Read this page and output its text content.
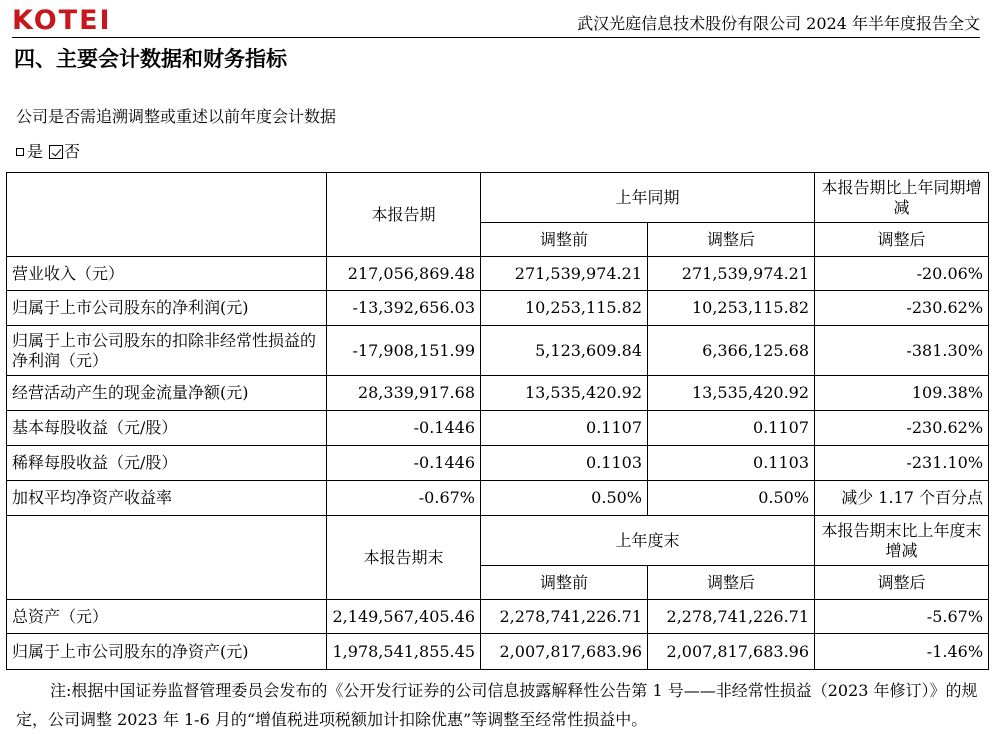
KOTEI	武汉光庭信息技术股份有限公司 2024 年半年度报告全文
四、主要会计数据和财务指标
公司是否需追溯调整或重述以前年度会计数据
是 否
	本报告期	上年同期		本报告期比上年同期增减
		调整前	调整后	调整后
营业收入（元）	217,056,869.48	271,539,974.21	271,539,974.21	-20.06%
归属于上市公司股东的净利润(元)	-13,392,656.03	10,253,115.82	10,253,115.82	-230.62%
归属于上市公司股东的扣除非经常性损益的净利润（元）	-17,908,151.99	5,123,609.84	6,366,125.68	-381.30%
经营活动产生的现金流量净额(元)	28,339,917.68	13,535,420.92	13,535,420.92	109.38%
基本每股收益（元/股）	-0.1446	0.1107	0.1107	-230.62%
稀释每股收益（元/股）	-0.1446	0.1103	0.1103	-231.10%
加权平均净资产收益率	-0.67%	0.50%	0.50%	减少 1.17 个百分点
	本报告期末	上年度末		本报告期末比上年度末增减
		调整前	调整后	调整后
总资产（元）	2,149,567,405.46	2,278,741,226.71	2,278,741,226.71	-5.67%
归属于上市公司股东的净资产(元)	1,978,541,855.45	2,007,817,683.96	2,007,817,683.96	-1.46%
注:根据中国证券监督管理委员会发布的《公开发行证券的公司信息披露解释性公告第 1 号——非经常性损益（2023 年修订）》的规定，公司调整 2023 年 1-6 月的“增值税进项税额加计扣除优惠”等调整至经常性损益中。
